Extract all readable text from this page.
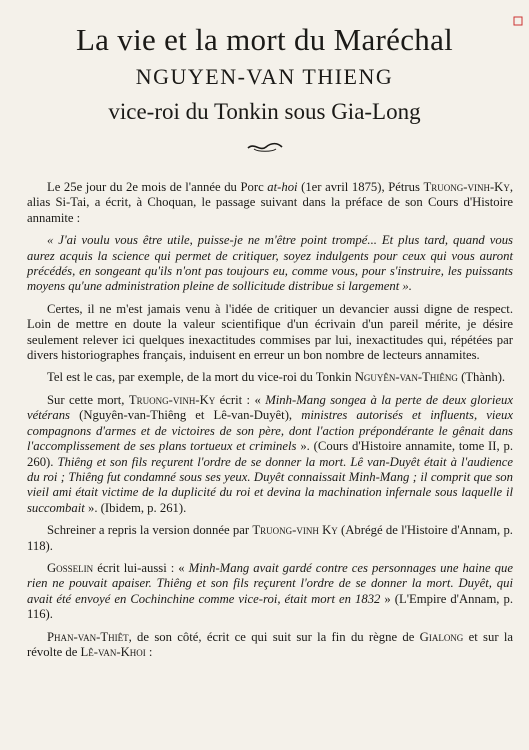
La vie et la mort du Maréchal
NGUYEN-VAN THIENG
vice-roi du Tonkin sous Gia-Long

Le 25e jour du 2e mois de l'année du Porc at-hoi (1er avril 1875), Pétrus Truong-vinh-Ky, alias Si-Tai, a écrit, à Choquan, le passage suivant dans la préface de son Cours d'Histoire annamite :

« J'ai voulu vous être utile, puisse-je ne m'être point trompé... Et plus tard, quand vous aurez acquis la science qui permet de critiquer, soyez indulgents pour ceux qui vous auront précédés, en songeant qu'ils n'ont pas toujours eu, comme vous, pour s'instruire, les puissants moyens qu'une administration pleine de sollicitude distribue si largement ».

Certes, il ne m'est jamais venu à l'idée de critiquer un devancier aussi digne de respect. Loin de mettre en doute la valeur scientifique d'un écrivain d'un pareil mérite, je désire seulement relever ici quelques inexactitudes commises par lui, inexactitudes qui, répétées par divers historiographes français, induisent en erreur un bon nombre de lecteurs annamites.

Tel est le cas, par exemple, de la mort du vice-roi du Tonkin Nguyên-van-Thiêng (Thành).

Sur cette mort, Truong-vinh-Ky écrit : « Minh-Mang songea à la perte de deux glorieux vétérans (Nguyên-van-Thiêng et Lê-van-Duyêt), ministres autorisés et influents, vieux compagnons d'armes et de victoires de son père, dont l'action prépondérante le gênait dans l'accomplissement de ses plans tortueux et criminels ». (Cours d'Histoire annamite, tome II, p. 260). Thiêng et son fils reçurent l'ordre de se donner la mort. Lê van-Duyêt était à l'audience du roi ; Thiêng fut condamné sous ses yeux. Duyêt connaissait Minh-Mang ; il comprit que son vieil ami était victime de la duplicité du roi et devina la machination infernale sous laquelle il succombait ». (Ibidem, p. 261).

Schreiner a repris la version donnée par Truong-vinh Ky (Abrégé de l'Histoire d'Annam, p. 118).

Gosselin écrit lui-aussi : « Minh-Mang avait gardé contre ces personnages une haine que rien ne pouvait apaiser. Thiêng et son fils reçurent l'ordre de se donner la mort. Duyêt, qui avait été envoyé en Cochinchine comme vice-roi, était mort en 1832 » (L'Empire d'Annam, p. 116).

Phan-van-Thiêt, de son côté, écrit ce qui suit sur la fin du règne de Gialong et sur la révolte de Lê-van-Khoi :
